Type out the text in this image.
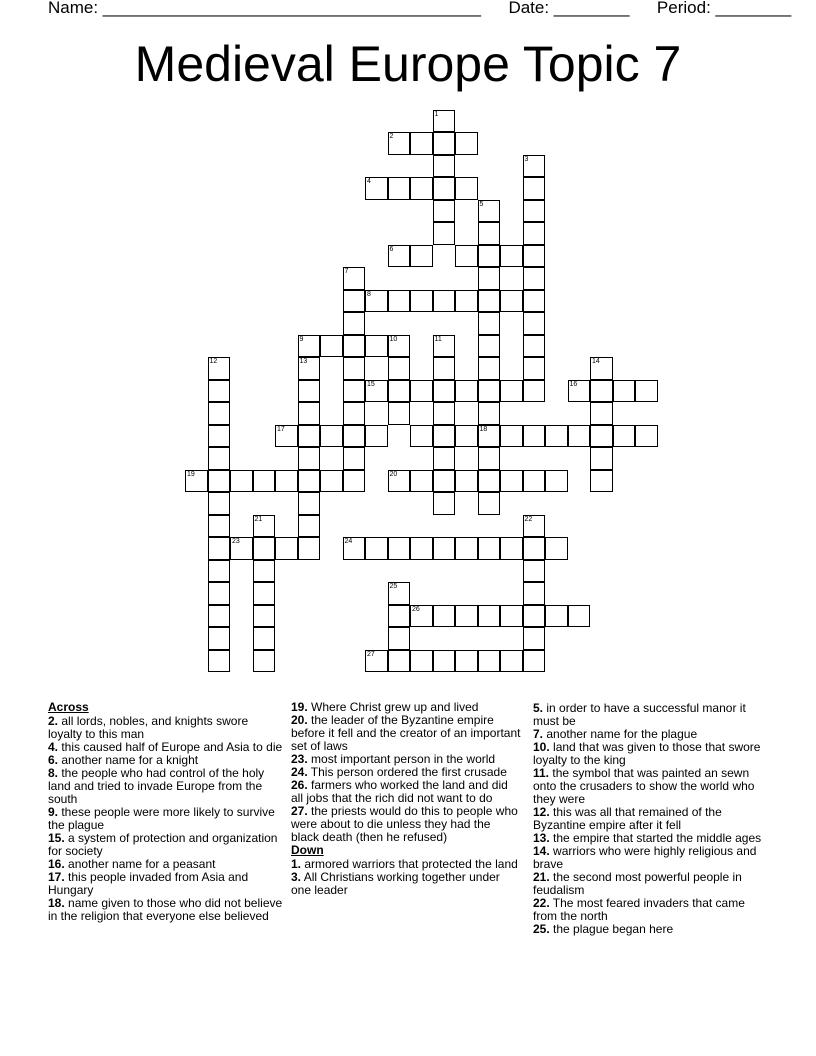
Name: ________________________________________ Date: ________ Period: ________
Medieval Europe Topic 7
1
2
3
4
5
6
7
8
9	10	11
12	13	14
15	16
17	18
19	20
21	22
23	24
25
26
27
Across
2. all lords, nobles, and knights swore loyalty to this man
4. this caused half of Europe and Asia to die
6. another name for a knight
8. the people who had control of the holy land and tried to invade Europe from the south
9. these people were more likely to survive the plague
15. a system of protection and organization for society
16. another name for a peasant
17. this people invaded from Asia and Hungary
18. name given to those who did not believe in the religion that everyone else believed
19. Where Christ grew up and lived
20. the leader of the Byzantine empire before it fell and the creator of an important set of laws
23. most important person in the world
24. This person ordered the first crusade
26. farmers who worked the land and did all jobs that the rich did not want to do
27. the priests would do this to people who were about to die unless they had the black death (then he refused)
Down
1. armored warriors that protected the land
3. All Christians working together under one leader
5. in order to have a successful manor it must be
7. another name for the plague
10. land that was given to those that swore loyalty to the king
11. the symbol that was painted an sewn onto the crusaders to show the world who they were
12. this was all that remained of the Byzantine empire after it fell
13. the empire that started the middle ages
14. warriors who were highly religious and brave
21. the second most powerful people in feudalism
22. The most feared invaders that came from the north
25. the plague began here
